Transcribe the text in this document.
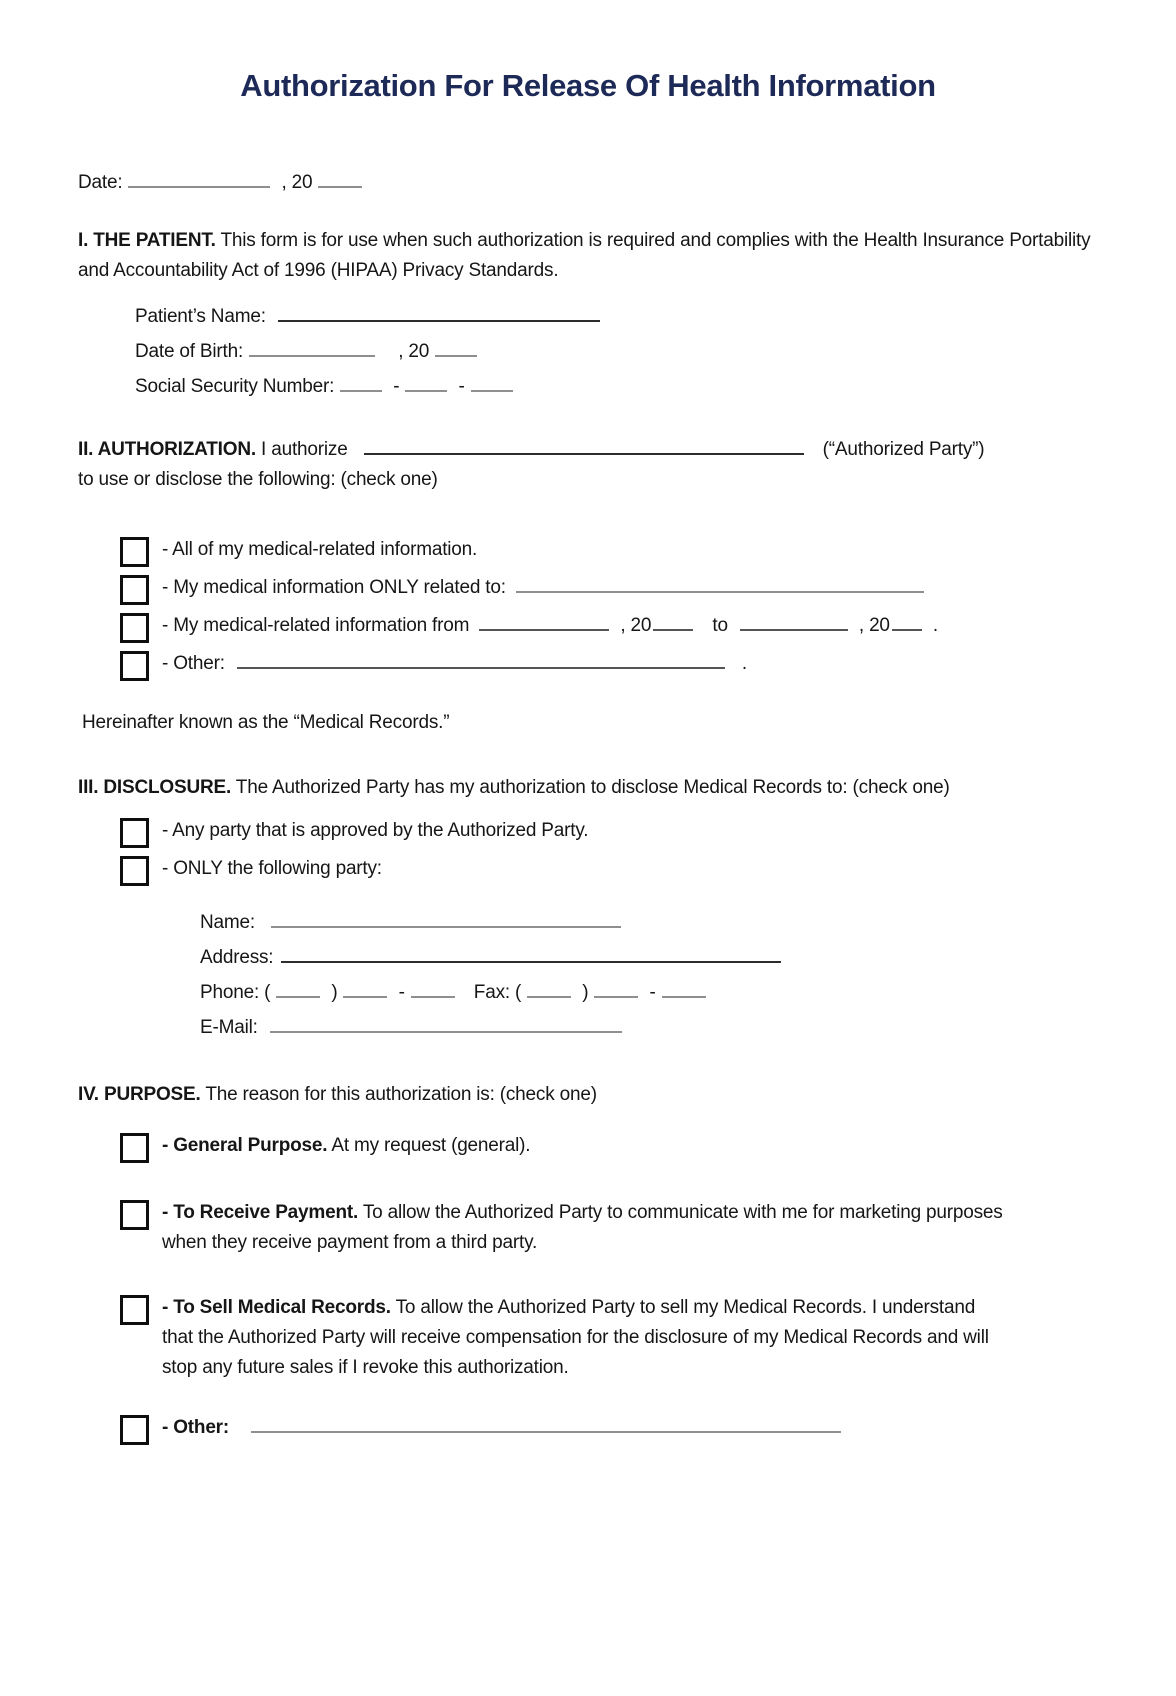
Authorization For Release Of Health Information

Date:	, 20

I. THE PATIENT. This form is for use when such authorization is required and complies with the Health Insurance Portability and Accountability Act of 1996 (HIPAA) Privacy Standards.

Patient’s Name:

Date of Birth:	, 20

Social Security Number:	-	-

II. AUTHORIZATION. I authorize	(“Authorized Party”)

to use or disclose the following: (check one)

- All of my medical-related information.
- My medical information ONLY related to:
- My medical-related information from	, 20	to	, 20 .
- Other:	.

Hereinafter known as the “Medical Records.”

III. DISCLOSURE. The Authorized Party has my authorization to disclose Medical Records to: (check one)

- Any party that is approved by the Authorized Party.
- ONLY the following party:

Name:

Address:

Phone: (	)	-	Fax: (	)	-

E-Mail:

IV. PURPOSE. The reason for this authorization is: (check one)

- General Purpose. At my request (general).
- To Receive Payment. To allow the Authorized Party to communicate with me for marketing purposes when they receive payment from a third party.
- To Sell Medical Records. To allow the Authorized Party to sell my Medical Records. I understand that the Authorized Party will receive compensation for the disclosure of my Medical Records and will stop any future sales if I revoke this authorization.
- Other:
